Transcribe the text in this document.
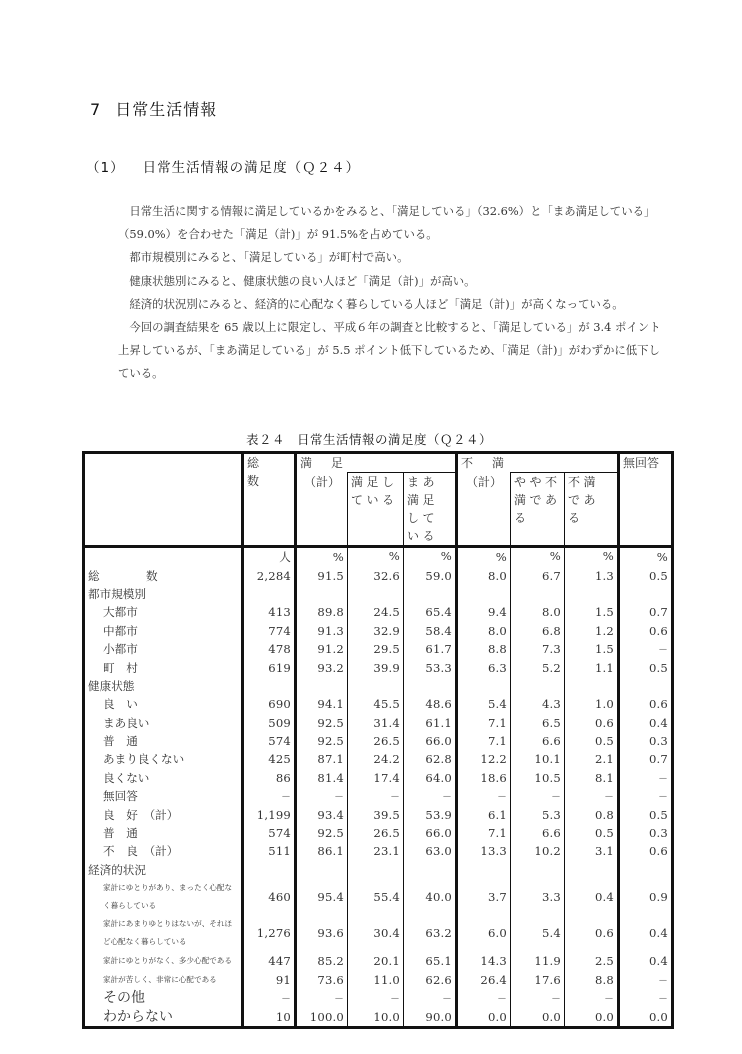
7 日常生活情報
（1） 日常生活情報の満足度（Ｑ２４）

日常生活に関する情報に満足しているかをみると、「満足している」（32.6%）と「まあ満足している」（59.0%）を合わせた「満足（計)」が 91.5%を占めている。

都市規模別にみると、「満足している」が町村で高い。

健康状態別にみると、健康状態の良い人ほど「満足（計)」が高い。

経済的状況別にみると、経済的に心配なく暮らしている人ほど「満足（計)」が高くなっている。

今回の調査結果を 65 歳以上に限定し、平成６年の調査と比較すると、「満足している」が 3.4 ポイント上昇しているが、「まあ満足している」が 5.5 ポイント低下しているため、「満足（計)」がわずかに低下している。

表２４ 日常生活情報の満足度（Ｑ２４）
	総　数	満　足			不　満			無回答
		（計）	満足している	まあ満足している	（計）	やや不満である	不満である	

	人	%	%	%	%	%	%	%
総　　　　数	2,284	91.5	32.6	59.0	8.0	6.7	1.3	0.5
都市規模別								
大都市	413	89.8	24.5	65.4	9.4	8.0	1.5	0.7
中都市	774	91.3	32.9	58.4	8.0	6.8	1.2	0.6
小都市	478	91.2	29.5	61.7	8.8	7.3	1.5	−
町　村	619	93.2	39.9	53.3	6.3	5.2	1.1	0.5
健康状態								
良　い	690	94.1	45.5	48.6	5.4	4.3	1.0	0.6
まあ良い	509	92.5	31.4	61.1	7.1	6.5	0.6	0.4
普　通	574	92.5	26.5	66.0	7.1	6.6	0.5	0.3
あまり良くない	425	87.1	24.2	62.8	12.2	10.1	2.1	0.7
良くない	86	81.4	17.4	64.0	18.6	10.5	8.1	−
無回答	−	−	−	−	−	−	−	−
良　好　（計）	1,199	93.4	39.5	53.9	6.1	5.3	0.8	0.5
普　通	574	92.5	26.5	66.0	7.1	6.6	0.5	0.3
不　良　（計）	511	86.1	23.1	63.0	13.3	10.2	3.1	0.6
経済的状況								
家計にゆとりがあり、まったく心配なく暮らしている	460	95.4	55.4	40.0	3.7	3.3	0.4	0.9
家計にあまりゆとりはないが、それほど心配なく暮らしている	1,276	93.6	30.4	63.2	6.0	5.4	0.6	0.4
家計にゆとりがなく、多少心配である	447	85.2	20.1	65.1	14.3	11.9	2.5	0.4
家計が苦しく、非常に心配である	91	73.6	11.0	62.6	26.4	17.6	8.8	−
その他	−	−	−	−	−	−	−	−
わからない	10	100.0	10.0	90.0	0.0	0.0	0.0	0.0
